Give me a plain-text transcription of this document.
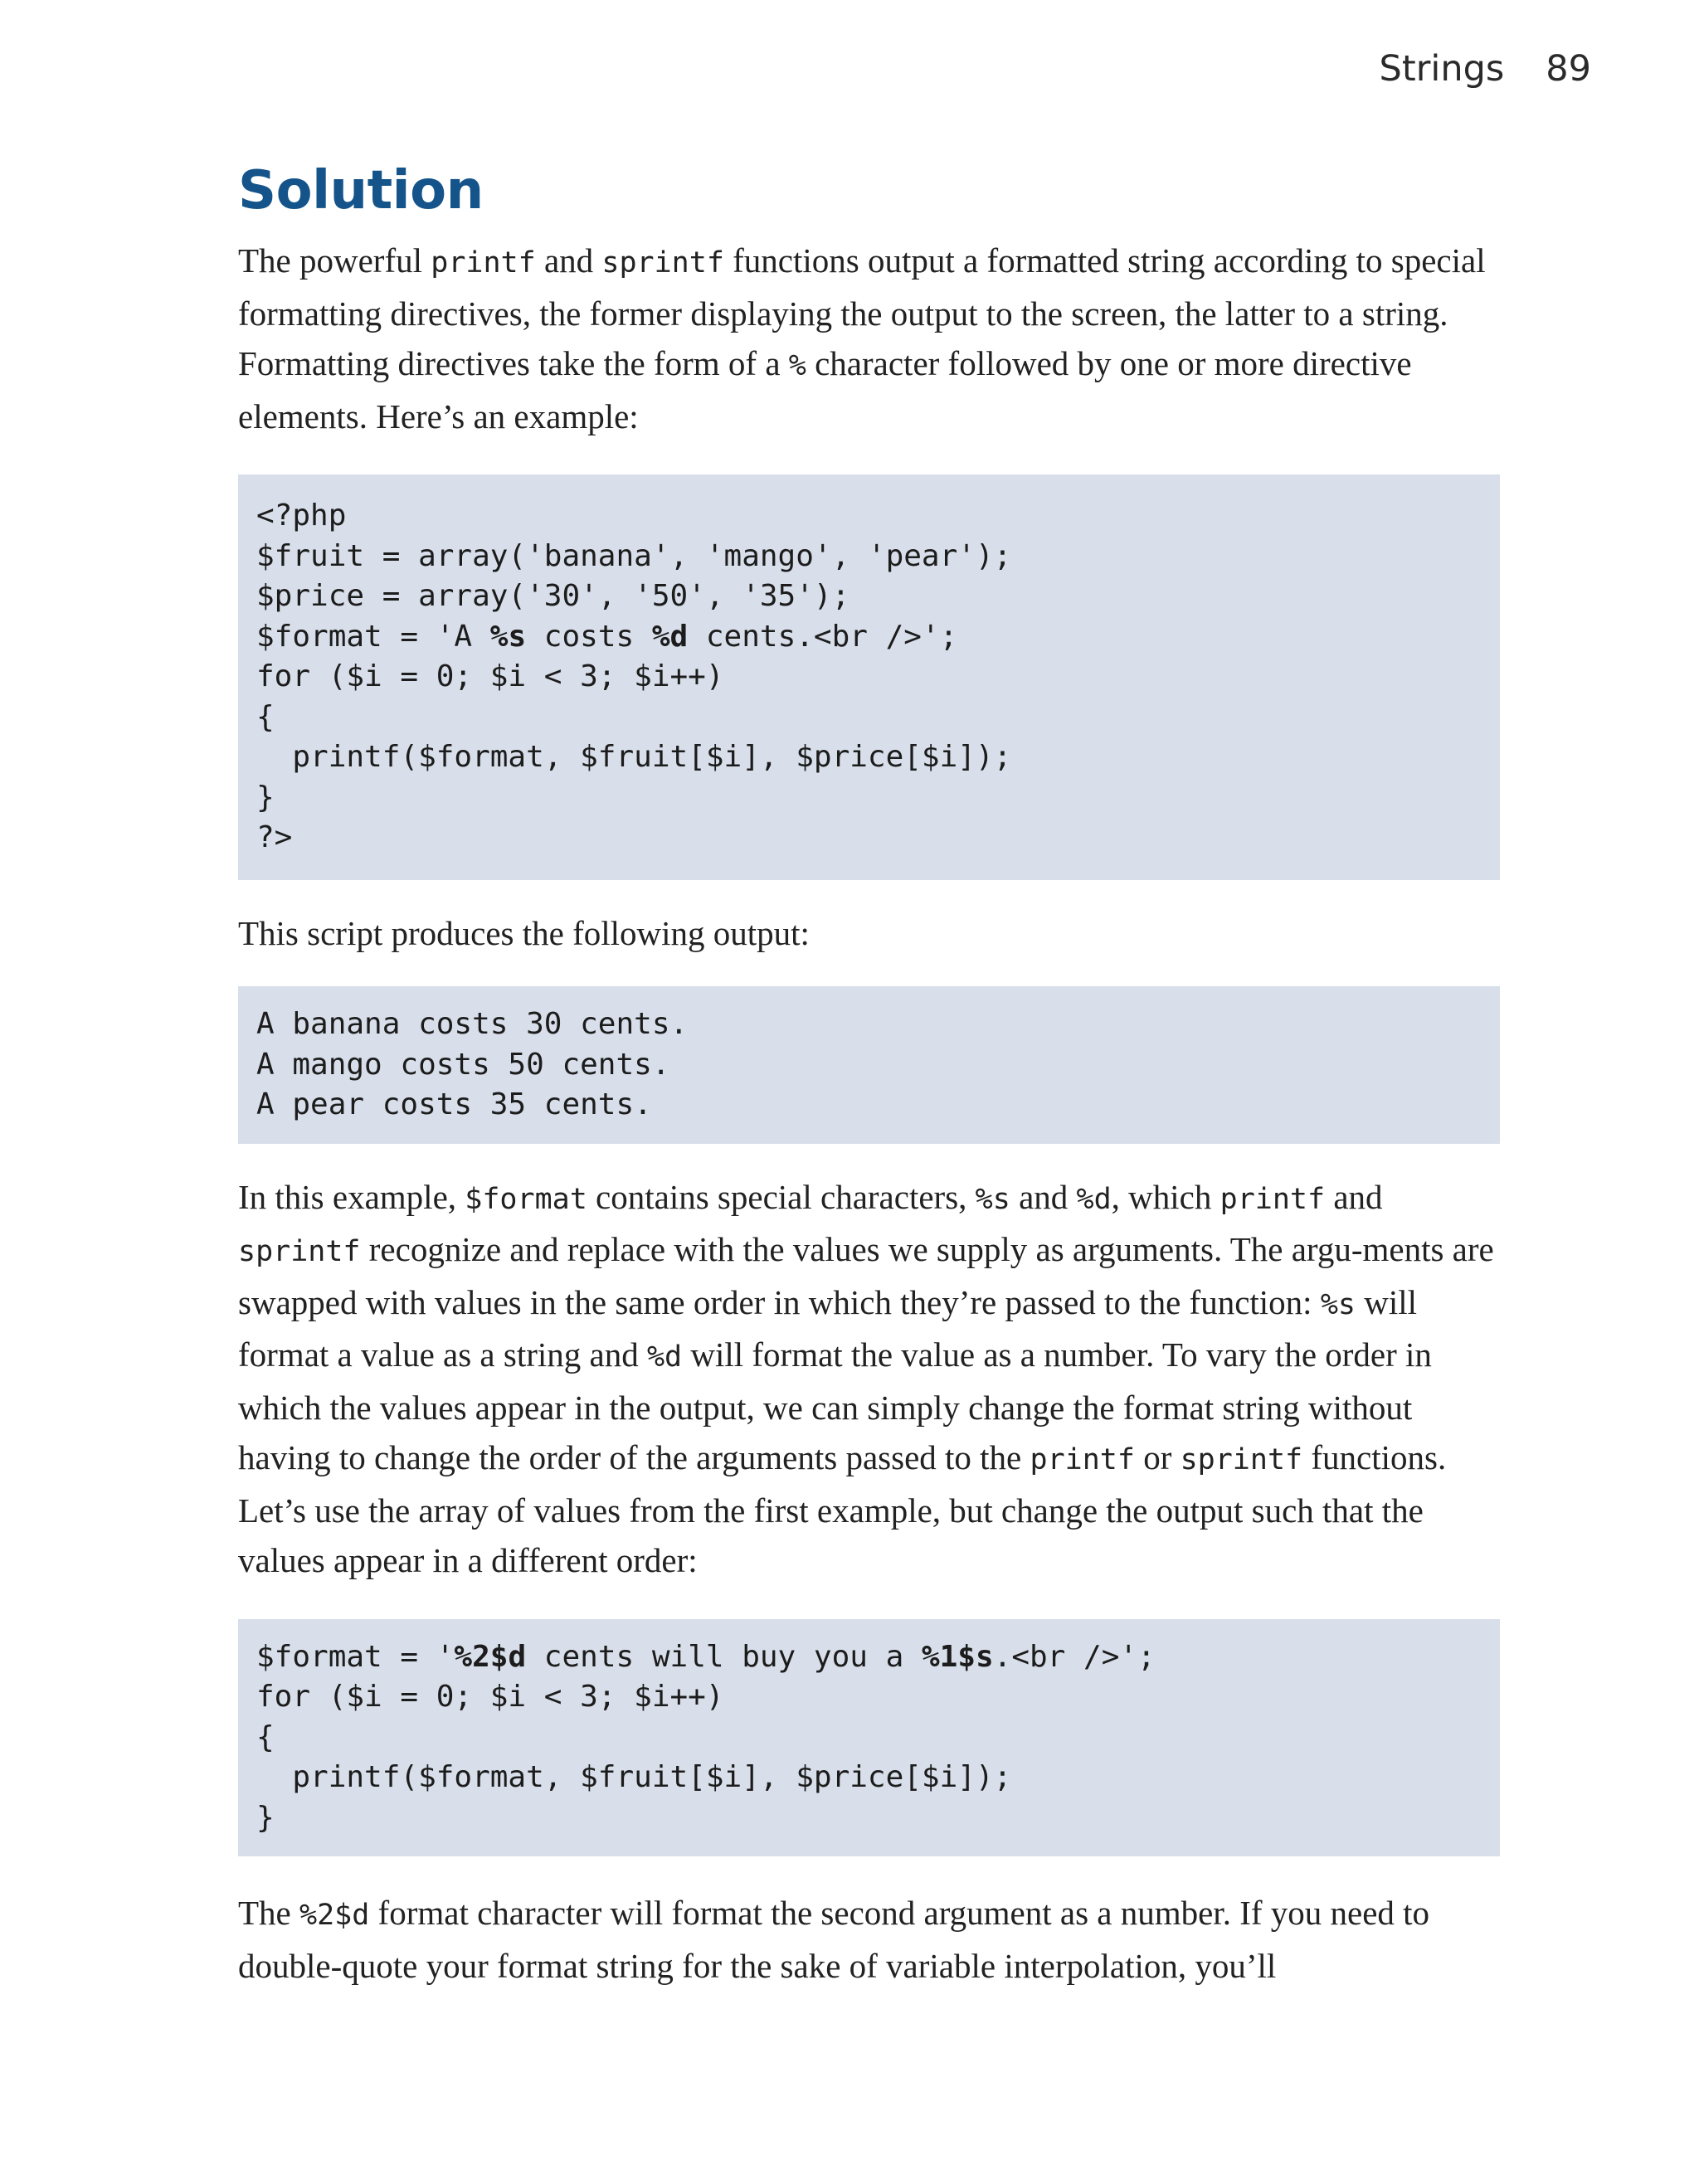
Strings 89
Solution

The powerful printf and sprintf functions output a formatted string according to special formatting directives, the former displaying the output to the screen, the latter to a string. Formatting directives take the form of a % character followed by one or more directive elements. Here’s an example:

<?php
$fruit = array('banana', 'mango', 'pear');
$price = array('30', '50', '35');
$format = 'A %s costs %d cents.<br />';
for ($i = 0; $i < 3; $i++)
{
printf($format, $fruit[$i], $price[$i]);
}
?>

This script produces the following output:

A banana costs 30 cents.
A mango costs 50 cents.
A pear costs 35 cents.

In this example, $format contains special characters, %s and %d, which printf and sprintf recognize and replace with the values we supply as arguments. The argu-ments are swapped with values in the same order in which they’re passed to the function: %s will format a value as a string and %d will format the value as a number. To vary the order in which the values appear in the output, we can simply change the format string without having to change the order of the arguments passed to the printf or sprintf functions. Let’s use the array of values from the first example, but change the output such that the values appear in a different order:

$format = '%2$d cents will buy you a %1$s.<br />';
for ($i = 0; $i < 3; $i++)
{
printf($format, $fruit[$i], $price[$i]);
}

The %2$d format character will format the second argument as a number. If you need to double-quote your format string for the sake of variable interpolation, you’ll
